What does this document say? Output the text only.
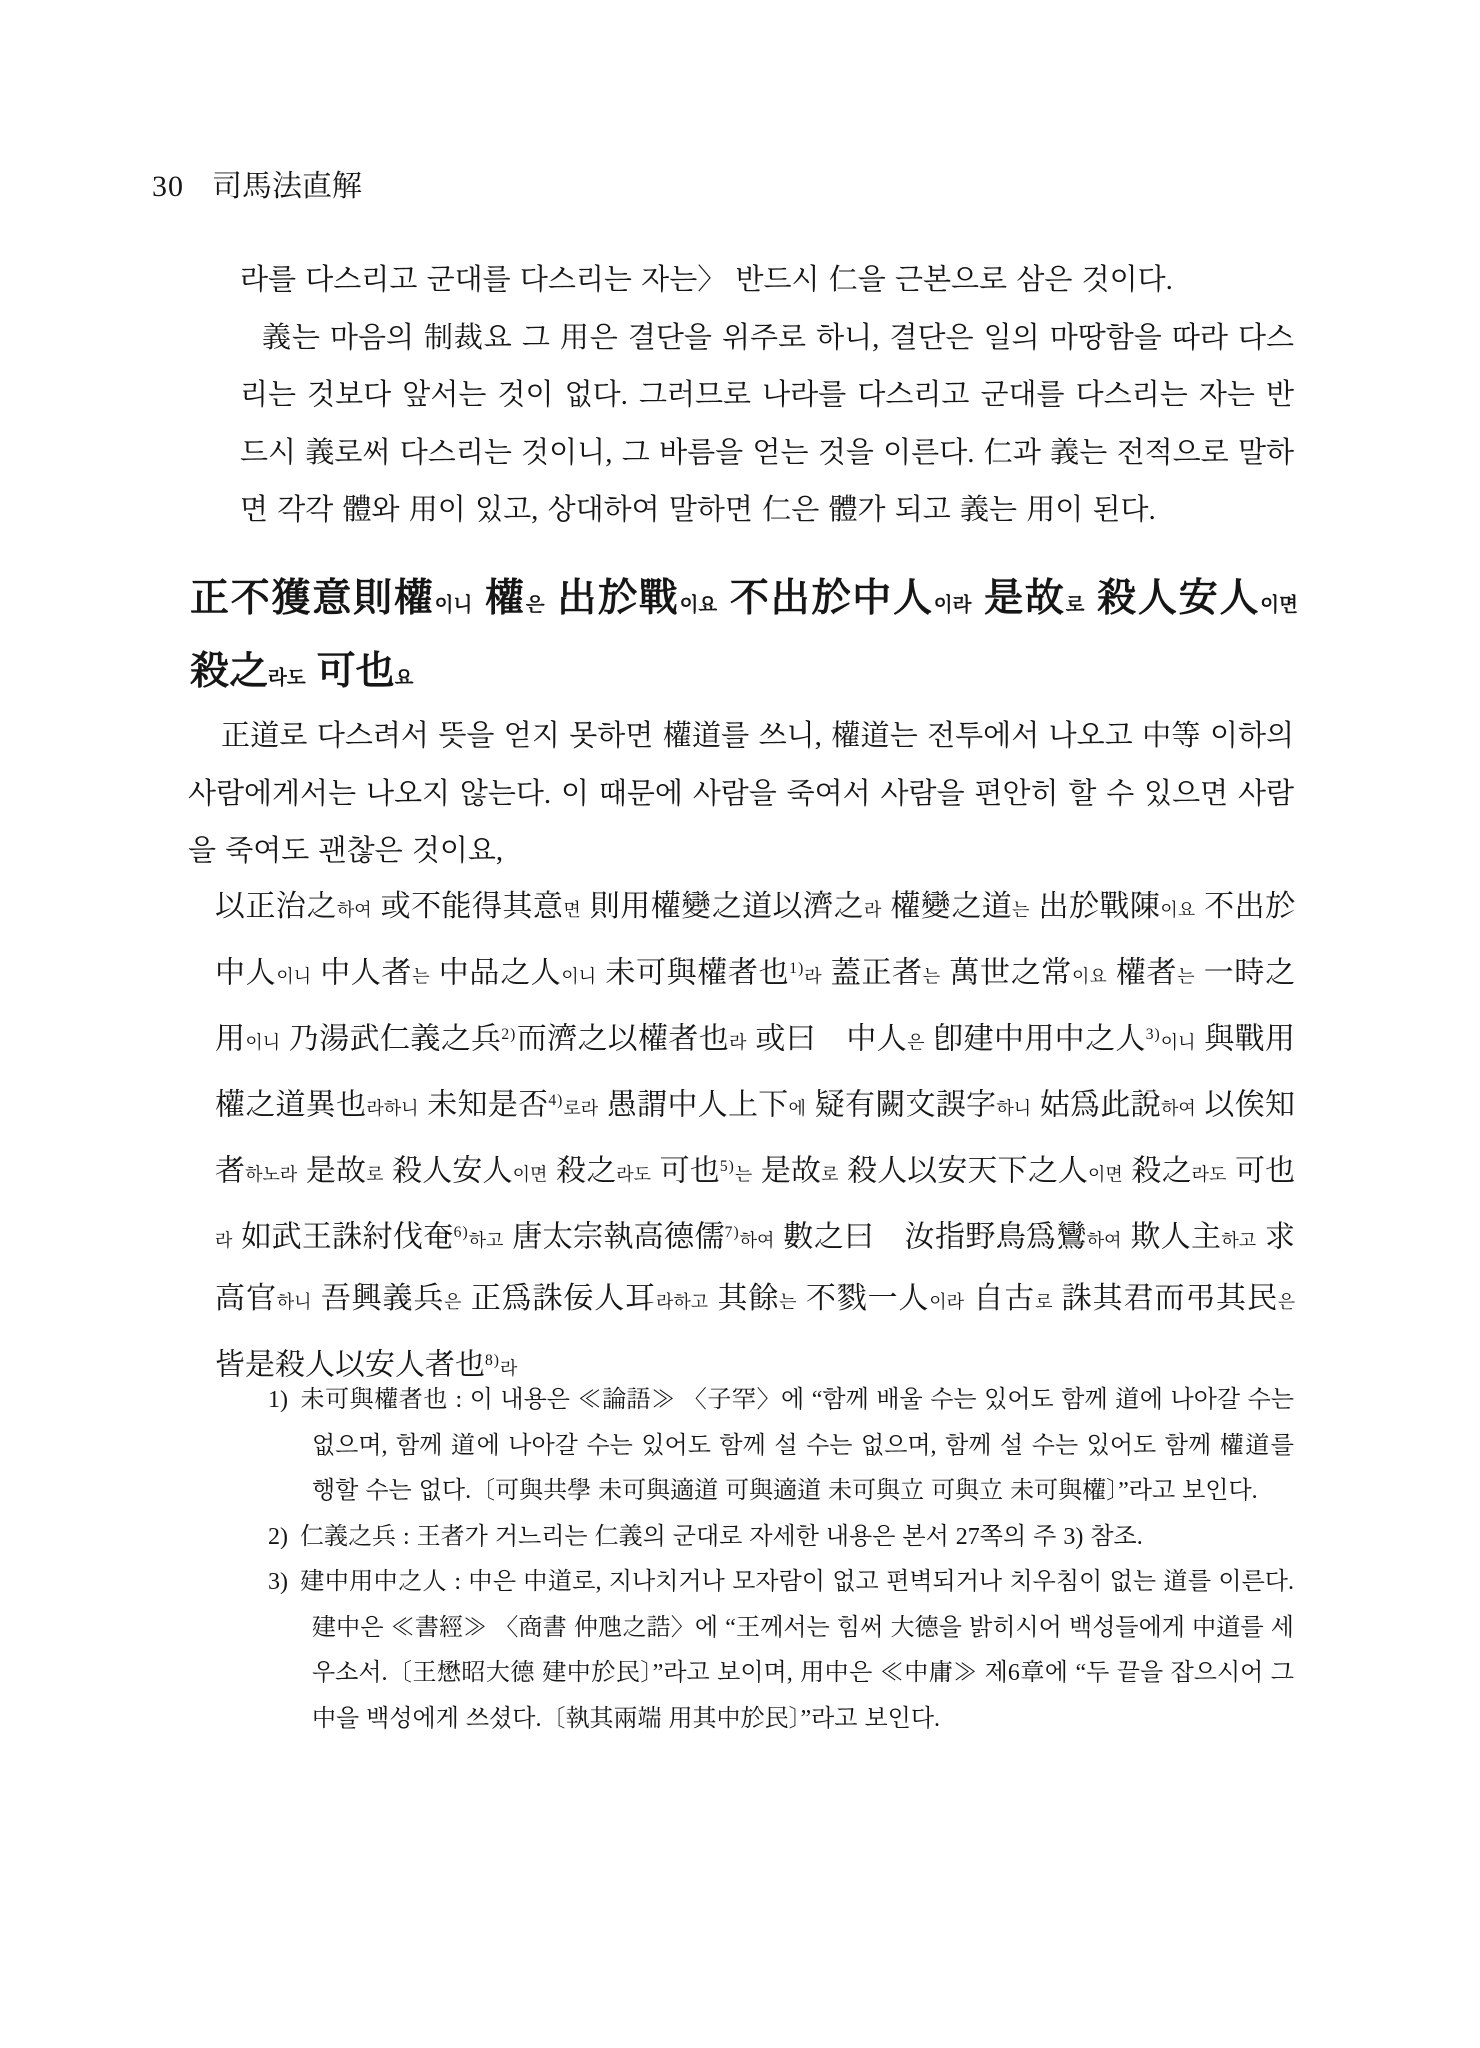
30 司馬法直解

라를 다스리고 군대를 다스리는 자는〉 반드시 仁을 근본으로 삼은 것이다.

義는 마음의 制裁요 그 用은 결단을 위주로 하니, 결단은 일의 마땅함을 따라 다스리는 것보다 앞서는 것이 없다. 그러므로 나라를 다스리고 군대를 다스리는 자는 반드시 義로써 다스리는 것이니, 그 바름을 얻는 것을 이른다. 仁과 義는 전적으로 말하면 각각 體와 用이 있고, 상대하여 말하면 仁은 體가 되고 義는 用이 된다.

正不獲意則權이니 權은 出於戰이요 不出於中人이라 是故로 殺人安人이면 殺之라도 可也요

正道로 다스려서 뜻을 얻지 못하면 權道를 쓰니, 權道는 전투에서 나오고 中等 이하의 사람에게서는 나오지 않는다. 이 때문에 사람을 죽여서 사람을 편안히 할 수 있으면 사람을 죽여도 괜찮은 것이요,

以正治之하여 或不能得其意면 則用權變之道以濟之라 權變之道는 出於戰陳이요 不出於中人이니 中人者는 中品之人이니 未可與權者也$^{1)}$라 蓋正者는 萬世之常이요 權者는 一時之用이니 乃湯武仁義之兵$^{2)}$而濟之以權者也라 或曰  中人은 卽建中用中之人$^{3)}$이니 與戰用權之道異也라하니 未知是否$^{4)}$로라 愚謂中人上下에 疑有闕文誤字하니 姑爲此說하여 以俟知者하노라 是故로 殺人安人이면 殺之라도 可也$^{5)}$는 是故로 殺人以安天下之人이면 殺之라도 可也라 如武王誅紂伐奄$^{6)}$하고 唐太宗執高德儒$^{7)}$하여 數之曰  汝指野鳥爲鸞하여 欺人主하고 求高官하니 吾興義兵은 正爲誅佞人耳라하고 其餘는 不戮一人이라 自古로 誅其君而弔其民은 皆是殺人以安人者也$^{8)}$라

1) 未可與權者也 : 이 내용은 ≪論語≫ 〈子罕〉에 “함께 배울 수는 있어도 함께 道에 나아갈 수는 없으며, 함께 道에 나아갈 수는 있어도 함께 설 수는 없으며, 함께 설 수는 있어도 함께 權道를 행할 수는 없다.〔可與共學 未可與適道 可與適道 未可與立 可與立 未可與權〕”라고 보인다.
2) 仁義之兵 : 王者가 거느리는 仁義의 군대로 자세한 내용은 본서 27쪽의 주 3) 참조.
3) 建中用中之人 : 中은 中道로, 지나치거나 모자람이 없고 편벽되거나 치우침이 없는 道를 이른다. 建中은 ≪書經≫ 〈商書 仲虺之誥〉에 “王께서는 힘써 大德을 밝히시어 백성들에게 中道를 세우소서.〔王懋昭大德 建中於民〕”라고 보이며, 用中은 ≪中庸≫ 제6章에 “두 끝을 잡으시어 그 中을 백성에게 쓰셨다.〔執其兩端 用其中於民〕”라고 보인다.
